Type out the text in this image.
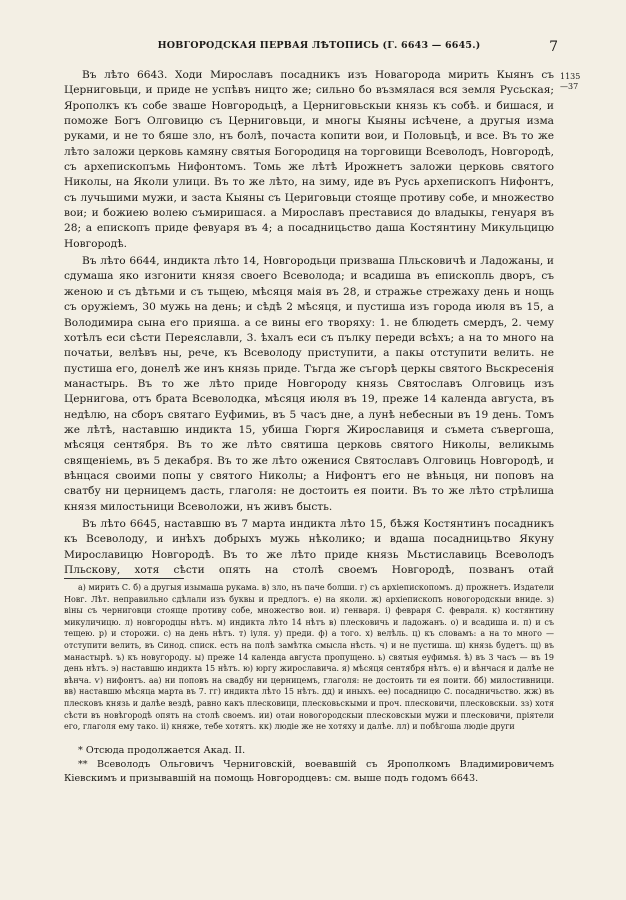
НОВГОРОДСКАЯ ПЕРВАЯ ЛѢТОПИСЬ (Г. 6643 — 6645.)	7
1135
—37

Въ лѣто 6643. Ходи Мирославъ посадникъ изъ Новагорода мирить Кыянъ съ Церниговьци, и приде не успѣвъ ницто же; сильно бо възмялася вся земля Русьская; Ярополкъ къ собе зваше Новгородьцѣ, а Церниговьскыи князь къ собѣ. и бишася, и поможе Богъ Олговицю съ Церниговьци, и многы Кыяны исѣчене, а другыя изма руками, и не то бяше зло, нъ болѣ, почаста копити вои, и Половьцѣ, и все. Въ то же лѣто заложи церковь камяну святыя Богородиця на торговищи Всеволодъ, Новгородѣ, съ архепископъмь Нифонтомъ. Томь же лѣтѣ Ирожнетъ заложи церковь святого Николы, на Яколи улици. Въ то же лѣто, на зиму, иде въ Русь архепископъ Нифонтъ, съ лучьшими мужи, и заста Кыяны съ Цериговьци стояще противу собе, и множество вои; и божиею волею съмиришася. а Мирославъ преставися до владыкы, генуаря въ 28; а епископъ приде февуаря въ 4; а посадницьство даша Костянтину Микульцицю Новгородѣ.

Въ лѣто 6644, индикта лѣто 14, Новгородьци призваша Пльсковичѣ и Ладожаны, и сдумаша яко изгонити князя своего Всеволода; и всадиша въ епископль дворъ, съ женою и съ дѣтьми и съ тьщею, мѣсяця маія въ 28, и стражье стрежаху день и нощь съ оружіемъ, 30 мужь на день; и сѣдѣ 2 мѣсяця, и пустиша изъ города июля въ 15, а Володимира сына его прияша. а се вины его творяхуː 1. не блюдеть смердъ, 2. чему хотѣлъ еси сѣсти Переяславли, 3. ѣхалъ еси съ пълку переди всѣхъ; а на то много на початьи, велѣвъ ны, рече, къ Всеволоду приступити, а пакы отступити велить. не пустиша его, донелѣ же инъ князь приде. Тъгда же съгорѣ церкы святого Вьскресенія манастырь. Въ то же лѣто приде Новгороду князь Святославъ Олговиць изъ Цернигова, отъ брата Всеволодка, мѣсяця июля въ 19, преже 14 календа августа, въ недѣлю, на сборъ святаго Еуфимиь, въ 5 часъ дне, а лунѣ небесныи въ 19 день. Томъ же лѣтѣ, наставшю индикта 15, убиша Гюргя Жирославиця и съмета съвергоша, мѣсяця сентября. Въ то же лѣто святиша церковь святого Николы, великымь священіемь, въ 5 декабря. Въ то же лѣто оженися Святославъ Олговиць Новгородѣ, и вѣнцася своими попы у святого Николы; а Нифонтъ его не вѣньця, ни поповъ на сватбу ни церницемъ дасть, глаголя: не достоить ея поити. Въ то же лѣто стрѣлиша князя милостьници Всеволожи, нъ живъ бысть.

Въ лѣто 6645, наставшю въ 7 марта индикта лѣто 15, бѣжя Костянтинъ посадникъ къ Всеволоду, и инѣхъ добрыхъ мужь нѣколико; и вдаша посадницьтво Якуну Мирославицю Новгородѣ. Въ то же лѣто приде князь Мьстиславиць Всеволодъ Пльскову, хотя сѣсти опять на столѣ своемъ Новгородѣ, позванъ отай

а) мирить С. б) а другыя изымаша рукама. в) зло, нъ паче болши. г) съ архіепископомъ. д) прожнетъ. Издатели Новг. Лѣт. неправильно сдѣлали изъ буквы и предлогъ. е) на яколи. ж) архіепископъ новогородскыи вниде. з) віны съ черниговци стояще противу собе, множество вои. и) генваря. і) февраря С. февраля. к) костянтину микуличицю. л) новгородцы нѣтъ. м) индикта лѣто 14 нѣтъ в) плесковичь и ладожанъ. о) и всадиша и. п) и съ тещею. р) и сторожи. с) на день нѣтъ. т) іуля. у) преди. ф) а того. х) велѣль. ц) къ словамъ: а на то много — отступити велить, въ Синод. списк. есть на полѣ замѣтка смысла нѣсть. ч) и не пустиша. ш) князь будетъ. щ) въ манастырѣ. ъ) къ новугороду. ы) преже 14 календа августа пропущено. ь) святыя еуфимья. ѣ) въ 3 часъ — въ 19 день нѣтъ. э) наставшю индикта 15 нѣтъ. ю) юргу жирославича. я) мѣсяця сентября нѣтъ. ѳ) и вѣнчася и далѣе не вѣнча. ѵ) нифонтъ. аа) ни поповъ на свадбу ни церницемъ, глаголя: не достоить ти ея поити. бб) милостивници. вв) наставшю мѣсяца марта въ 7. гг) индикта лѣто 15 нѣтъ. дд) и иныхъ. ее) посадницю С. посадничьство. жж) въ плесковъ князь и далѣе вездѣ, равно какъ плесковици, плесковьскыми и проч. плесковичи, плесковскыи. зз) хотя сѣсти въ новѣгородѣ опять на столѣ своемъ. ии) отаи новогородскыи плесковскыи мужи и плесковичи, пріятели его, глаголя ему тако. іі) княже, тебе хотятъ. кк) людіе же не хотяху и далѣе. лл) и побѣгоша людіе други

* Отсюда продолжается Акад. II.

** Всеволодъ Ольговичъ Черниговскій, воевавшій съ Ярополкомъ Владимировичемъ Кіевскимъ и призывавшій на помощь Новгородцевъ: см. выше подъ годомъ 6643.
